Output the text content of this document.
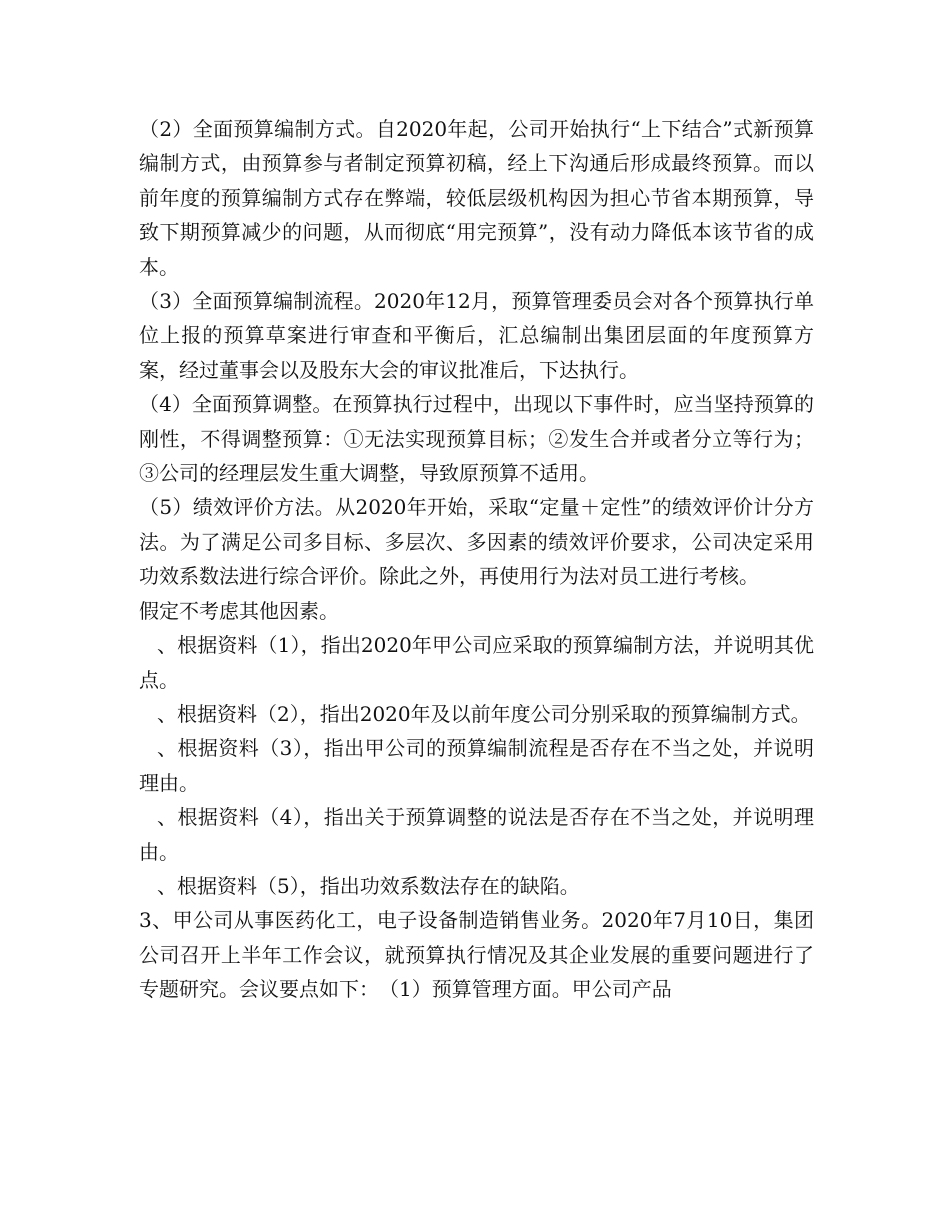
（2）全面预算编制方式。自2020年起，公司开始执行“上下结合”式新预算编制方式，由预算参与者制定预算初稿，经上下沟通后形成最终预算。而以前年度的预算编制方式存在弊端，较低层级机构因为担心节省本期预算，导致下期预算减少的问题，从而彻底“用完预算”，没有动力降低本该节省的成本。

（3）全面预算编制流程。2020年12月，预算管理委员会对各个预算执行单位上报的预算草案进行审查和平衡后，汇总编制出集团层面的年度预算方案，经过董事会以及股东大会的审议批准后，下达执行。

（4）全面预算调整。在预算执行过程中，出现以下事件时，应当坚持预算的刚性，不得调整预算：①无法实现预算目标；②发生合并或者分立等行为；③公司的经理层发生重大调整，导致原预算不适用。

（5）绩效评价方法。从2020年开始，采取“定量＋定性”的绩效评价计分方法。为了满足公司多目标、多层次、多因素的绩效评价要求，公司决定采用功效系数法进行综合评价。除此之外，再使用行为法对员工进行考核。

假定不考虑其他因素。

、根据资料（1），指出2020年甲公司应采取的预算编制方法，并说明其优点。

、根据资料（2），指出2020年及以前年度公司分别采取的预算编制方式。

、根据资料（3），指出甲公司的预算编制流程是否存在不当之处，并说明理由。

、根据资料（4），指出关于预算调整的说法是否存在不当之处，并说明理由。

、根据资料（5），指出功效系数法存在的缺陷。

3、甲公司从事医药化工，电子设备制造销售业务。2020年7月10日，集团公司召开上半年工作会议，就预算执行情况及其企业发展的重要问题进行了专题研究。会议要点如下：　（1）预算管理方面。甲公司产品
